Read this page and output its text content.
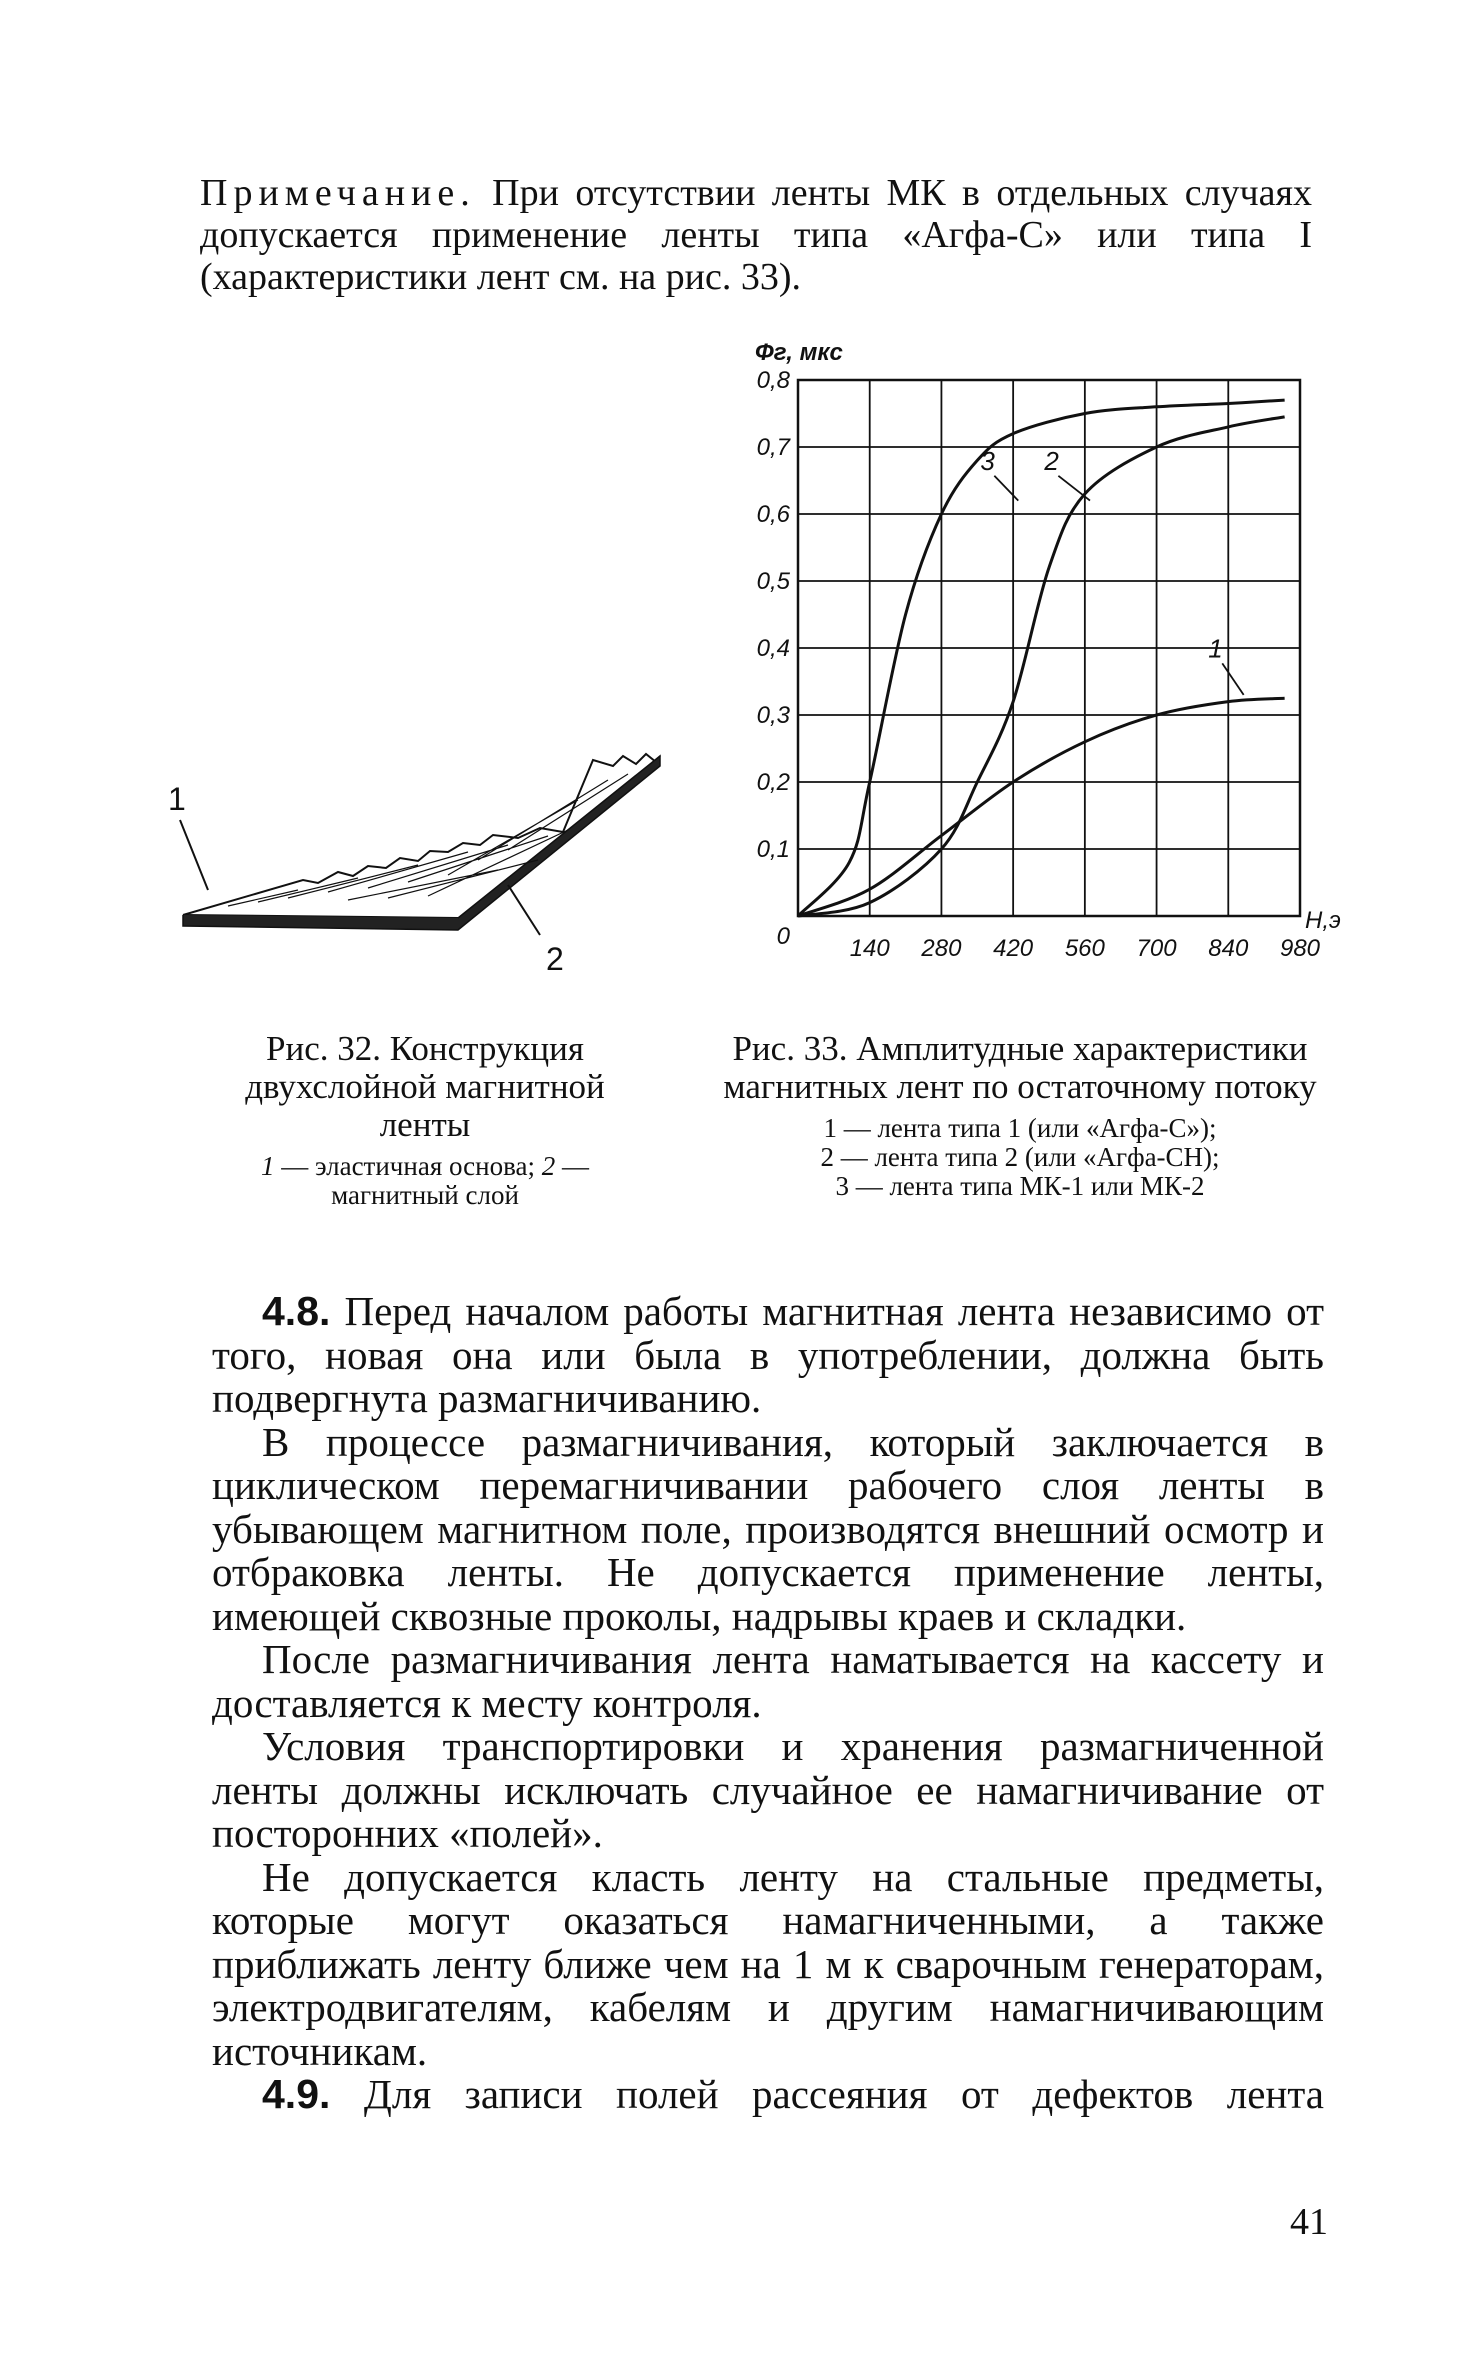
Примечание. При отсутствии ленты МК в отдельных случаях допускается применение ленты типа «Агфа-С» или типа I (характеристики лент см. на рис. 33).
1
2
1
2
3
0
0,1
0,2
0,3
0,4
0,5
0,6
0,7
0,8
140 280 420 560 700 840 980
Фг, мкс
Н,э
Рис. 32. Конструкция двухслойной магнитной ленты
1 — эластичная основа; 2 — магнитный слой
Рис. 33. Амплитудные характеристики магнитных лент по остаточному потоку
1 — лента типа 1 (или «Агфа-С»);
2 — лента типа 2 (или «Агфа-СН);
3 — лента типа МК-1 или МК-2

4.8. Перед началом работы магнитная лента независимо от того, новая она или была в употреблении, должна быть подвергнута размагничиванию.

В процессе размагничивания, который заключается в циклическом перемагничивании рабочего слоя ленты в убывающем магнитном поле, производятся внешний осмотр и отбраковка ленты. Не допускается применение ленты, имеющей сквозные проколы, надрывы краев и складки.

После размагничивания лента наматывается на кассету и доставляется к месту контроля.

Условия транспортировки и хранения размагниченной ленты должны исключать случайное ее намагничивание от посторонних «полей».

Не допускается класть ленту на стальные предметы, которые могут оказаться намагниченными, а также приближать ленту ближе чем на 1 м к сварочным генераторам, электродвигателям, кабелям и другим намагничивающим источникам.

4.9. Для записи полей рассеяния от дефектов лента

41
